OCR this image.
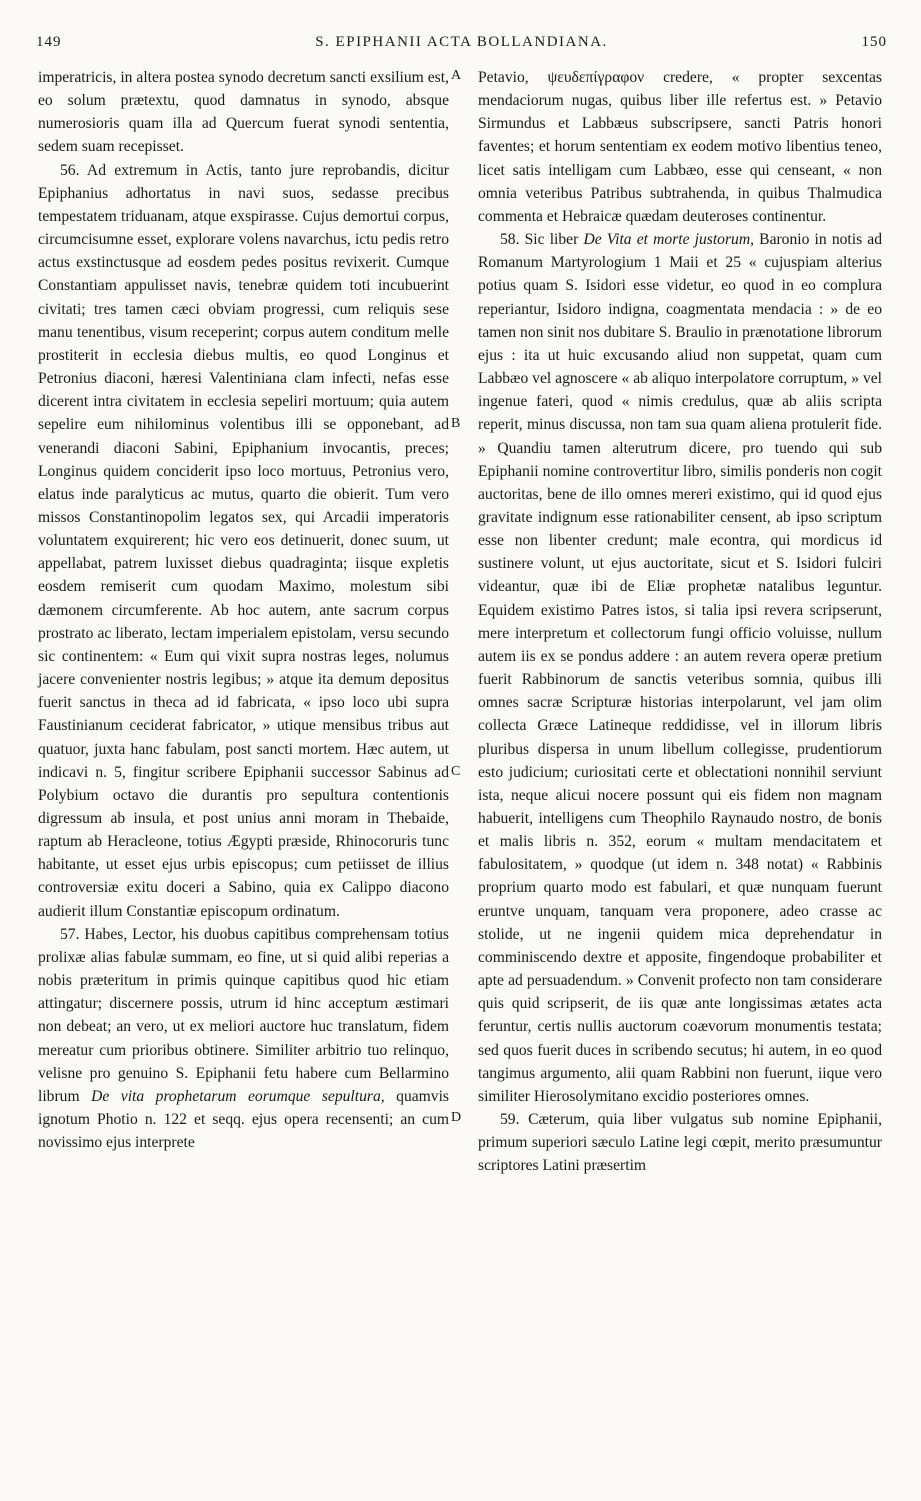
149	S. EPIPHANII ACTA BOLLANDIANA.	150
A
B
C
D

imperatricis, in altera postea synodo decretum sancti exsilium est, eo solum prætextu, quod damnatus in synodo, absque numerosioris quam illa ad Quercum fuerat synodi sententia, sedem suam recepisset.

56. Ad extremum in Actis, tanto jure reprobandis, dicitur Epiphanius adhortatus in navi suos, sedasse precibus tempestatem triduanam, atque exspirasse. Cujus demortui corpus, circumcisumne esset, explorare volens navarchus, ictu pedis retro actus exstinctusque ad eosdem pedes positus revixerit. Cumque Constantiam appulisset navis, tenebræ quidem toti incubuerint civitati; tres tamen cæci obviam progressi, cum reliquis sese manu tenentibus, visum receperint; corpus autem conditum melle prostiterit in ecclesia diebus multis, eo quod Longinus et Petronius diaconi, hæresi Valentiniana clam infecti, nefas esse dicerent intra civitatem in ecclesia sepeliri mortuum; quia autem sepelire eum nihilominus volentibus illi se opponebant, ad venerandi diaconi Sabini, Epiphanium invocantis, preces; Longinus quidem conciderit ipso loco mortuus, Petronius vero, elatus inde paralyticus ac mutus, quarto die obierit. Tum vero missos Constantinopolim legatos sex, qui Arcadii imperatoris voluntatem exquirerent; hic vero eos detinuerit, donec suum, ut appellabat, patrem luxisset diebus quadraginta; iisque expletis eosdem remiserit cum quodam Maximo, molestum sibi dæmonem circumferente. Ab hoc autem, ante sacrum corpus prostrato ac liberato, lectam imperialem epistolam, versu secundo sic continentem: « Eum qui vixit supra nostras leges, nolumus jacere convenienter nostris legibus; » atque ita demum depositus fuerit sanctus in theca ad id fabricata, « ipso loco ubi supra Faustinianum ceciderat fabricator, » utique mensibus tribus aut quatuor, juxta hanc fabulam, post sancti mortem. Hæc autem, ut indicavi n. 5, fingitur scribere Epiphanii successor Sabinus ad Polybium octavo die durantis pro sepultura contentionis digressum ab insula, et post unius anni moram in Thebaide, raptum ab Heracleone, totius Ægypti præside, Rhinocoruris tunc habitante, ut esset ejus urbis episcopus; cum petiisset de illius controversiæ exitu doceri a Sabino, quia ex Calippo diacono audierit illum Constantiæ episcopum ordinatum.

57. Habes, Lector, his duobus capitibus comprehensam totius prolixæ alias fabulæ summam, eo fine, ut si quid alibi reperias a nobis præteritum in primis quinque capitibus quod hic etiam attingatur; discernere possis, utrum id hinc acceptum æstimari non debeat; an vero, ut ex meliori auctore huc translatum, fidem mereatur cum prioribus obtinere. Similiter arbitrio tuo relinquo, velisne pro genuino S. Epiphanii fetu habere cum Bellarmino librum De vita prophetarum eorumque sepultura, quamvis ignotum Photio n. 122 et seqq. ejus opera recensenti; an cum novissimo ejus interprete

Petavio, ψευδεπίγραφον credere, « propter sexcentas mendaciorum nugas, quibus liber ille refertus est. » Petavio Sirmundus et Labbæus subscripsere, sancti Patris honori faventes; et horum sententiam ex eodem motivo libentius teneo, licet satis intelligam cum Labbæo, esse qui censeant, « non omnia veteribus Patribus subtrahenda, in quibus Thalmudica commenta et Hebraicæ quædam deuteroses continentur.

58. Sic liber De Vita et morte justorum, Baronio in notis ad Romanum Martyrologium 1 Maii et 25 « cujuspiam alterius potius quam S. Isidori esse videtur, eo quod in eo complura reperiantur, Isidoro indigna, coagmentata mendacia : » de eo tamen non sinit nos dubitare S. Braulio in prænotatione librorum ejus : ita ut huic excusando aliud non suppetat, quam cum Labbæo vel agnoscere « ab aliquo interpolatore corruptum, » vel ingenue fateri, quod « nimis credulus, quæ ab aliis scripta reperit, minus discussa, non tam sua quam aliena protulerit fide. » Quandiu tamen alterutrum dicere, pro tuendo qui sub Epiphanii nomine controvertitur libro, similis ponderis non cogit auctoritas, bene de illo omnes mereri existimo, qui id quod ejus gravitate indignum esse rationabiliter censent, ab ipso scriptum esse non libenter credunt; male econtra, qui mordicus id sustinere volunt, ut ejus auctoritate, sicut et S. Isidori fulciri videantur, quæ ibi de Eliæ prophetæ natalibus leguntur. Equidem existimo Patres istos, si talia ipsi revera scripserunt, mere interpretum et collectorum fungi officio voluisse, nullum autem iis ex se pondus addere : an autem revera operæ pretium fuerit Rabbinorum de sanctis veteribus somnia, quibus illi omnes sacræ Scripturæ historias interpolarunt, vel jam olim collecta Græce Latineque reddidisse, vel in illorum libris pluribus dispersa in unum libellum collegisse, prudentiorum esto judicium; curiositati certe et oblectationi nonnihil serviunt ista, neque alicui nocere possunt qui eis fidem non magnam habuerit, intelligens cum Theophilo Raynaudo nostro, de bonis et malis libris n. 352, eorum « multam mendacitatem et fabulositatem, » quodque (ut idem n. 348 notat) « Rabbinis proprium quarto modo est fabulari, et quæ nunquam fuerunt eruntve unquam, tanquam vera proponere, adeo crasse ac stolide, ut ne ingenii quidem mica deprehendatur in comminiscendo dextre et apposite, fingendoque probabiliter et apte ad persuadendum. » Convenit profecto non tam considerare quis quid scripserit, de iis quæ ante longissimas ætates acta feruntur, certis nullis auctorum coævorum monumentis testata; sed quos fuerit duces in scribendo secutus; hi autem, in eo quod tangimus argumento, alii quam Rabbini non fuerunt, iique vero similiter Hierosolymitano excidio posteriores omnes.

59. Cæterum, quia liber vulgatus sub nomine Epiphanii, primum superiori sæculo Latine legi cœpit, merito præsumuntur scriptores Latini præsertim
